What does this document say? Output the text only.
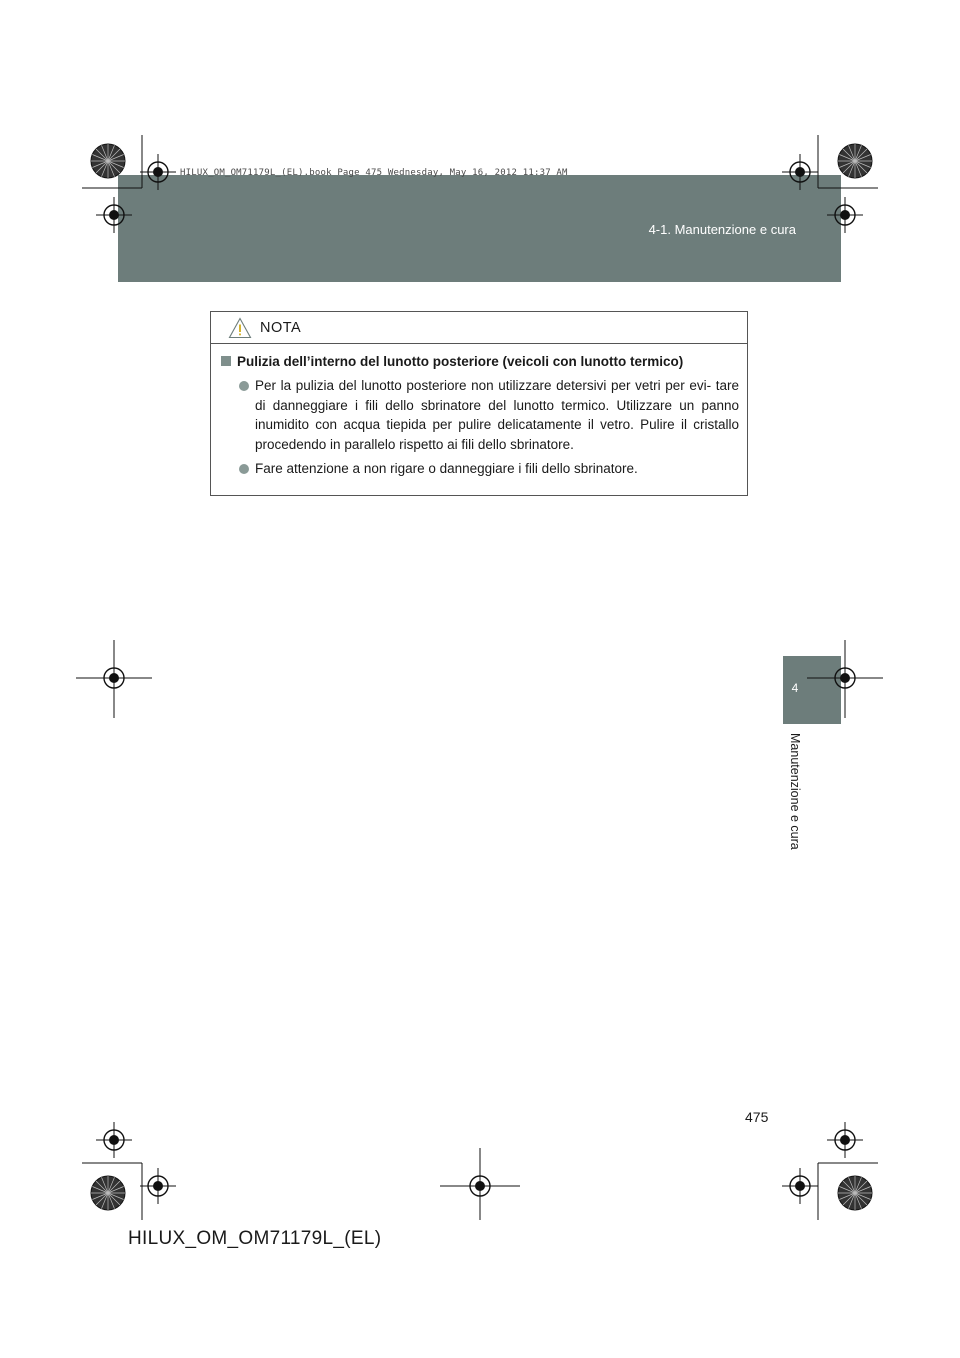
HILUX_OM_OM71179L_(EL).book Page 475 Wednesday, May 16, 2012 11:37 AM
4-1. Manutenzione e cura
4
Manutenzione e cura
NOTA
Pulizia dell’interno del lunotto posteriore (veicoli con lunotto termico)
Per la pulizia del lunotto posteriore non utilizzare detersivi per vetri per evi- tare di danneggiare i fili dello sbrinatore del lunotto termico. Utilizzare un panno inumidito con acqua tiepida per pulire delicatamente il vetro. Pulire il cristallo procedendo in parallelo rispetto ai fili dello sbrinatore.
Fare attenzione a non rigare o danneggiare i fili dello sbrinatore.
475
HILUX_OM_OM71179L_(EL)
